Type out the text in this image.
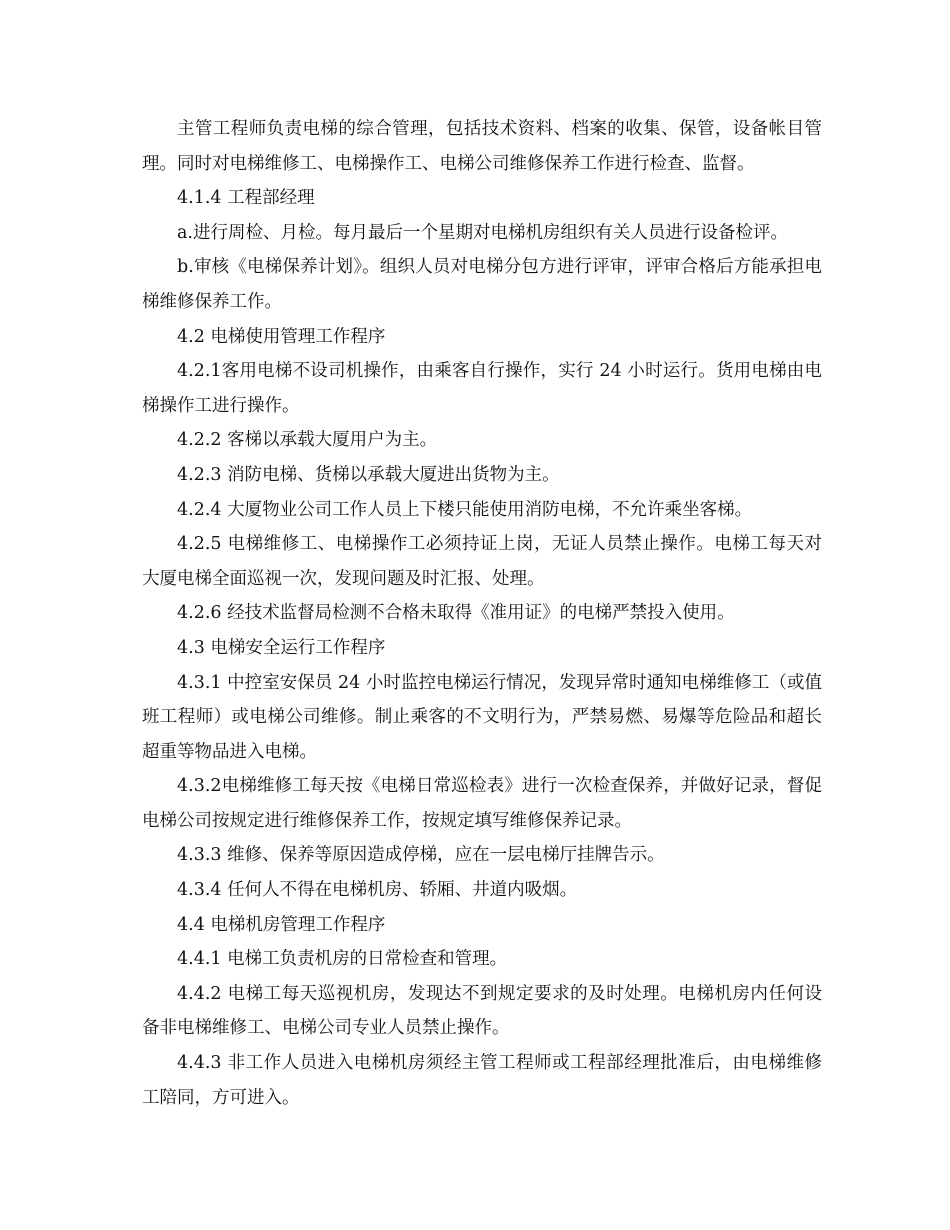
主管工程师负责电梯的综合管理，包括技术资料、档案的收集、保管，设备帐目管理。同时对电梯维修工、电梯操作工、电梯公司维修保养工作进行检查、监督。

4.1.4 工程部经理

a.进行周检、月检。每月最后一个星期对电梯机房组织有关人员进行设备检评。

b.审核《电梯保养计划》。组织人员对电梯分包方进行评审，评审合格后方能承担电梯维修保养工作。

4.2 电梯使用管理工作程序

4.2.1客用电梯不设司机操作，由乘客自行操作，实行 24 小时运行。货用电梯由电梯操作工进行操作。

4.2.2 客梯以承载大厦用户为主。

4.2.3 消防电梯、货梯以承载大厦进出货物为主。

4.2.4 大厦物业公司工作人员上下楼只能使用消防电梯，不允许乘坐客梯。

4.2.5 电梯维修工、电梯操作工必须持证上岗，无证人员禁止操作。电梯工每天对大厦电梯全面巡视一次，发现问题及时汇报、处理。

4.2.6 经技术监督局检测不合格未取得《准用证》的电梯严禁投入使用。

4.3 电梯安全运行工作程序

4.3.1 中控室安保员 24 小时监控电梯运行情况，发现异常时通知电梯维修工（或值班工程师）或电梯公司维修。制止乘客的不文明行为，严禁易燃、易爆等危险品和超长超重等物品进入电梯。

4.3.2电梯维修工每天按《电梯日常巡检表》进行一次检查保养，并做好记录，督促电梯公司按规定进行维修保养工作，按规定填写维修保养记录。

4.3.3 维修、保养等原因造成停梯，应在一层电梯厅挂牌告示。

4.3.4 任何人不得在电梯机房、轿厢、井道内吸烟。

4.4 电梯机房管理工作程序

4.4.1 电梯工负责机房的日常检查和管理。

4.4.2 电梯工每天巡视机房，发现达不到规定要求的及时处理。电梯机房内任何设备非电梯维修工、电梯公司专业人员禁止操作。

4.4.3 非工作人员进入电梯机房须经主管工程师或工程部经理批准后，由电梯维修工陪同，方可进入。
